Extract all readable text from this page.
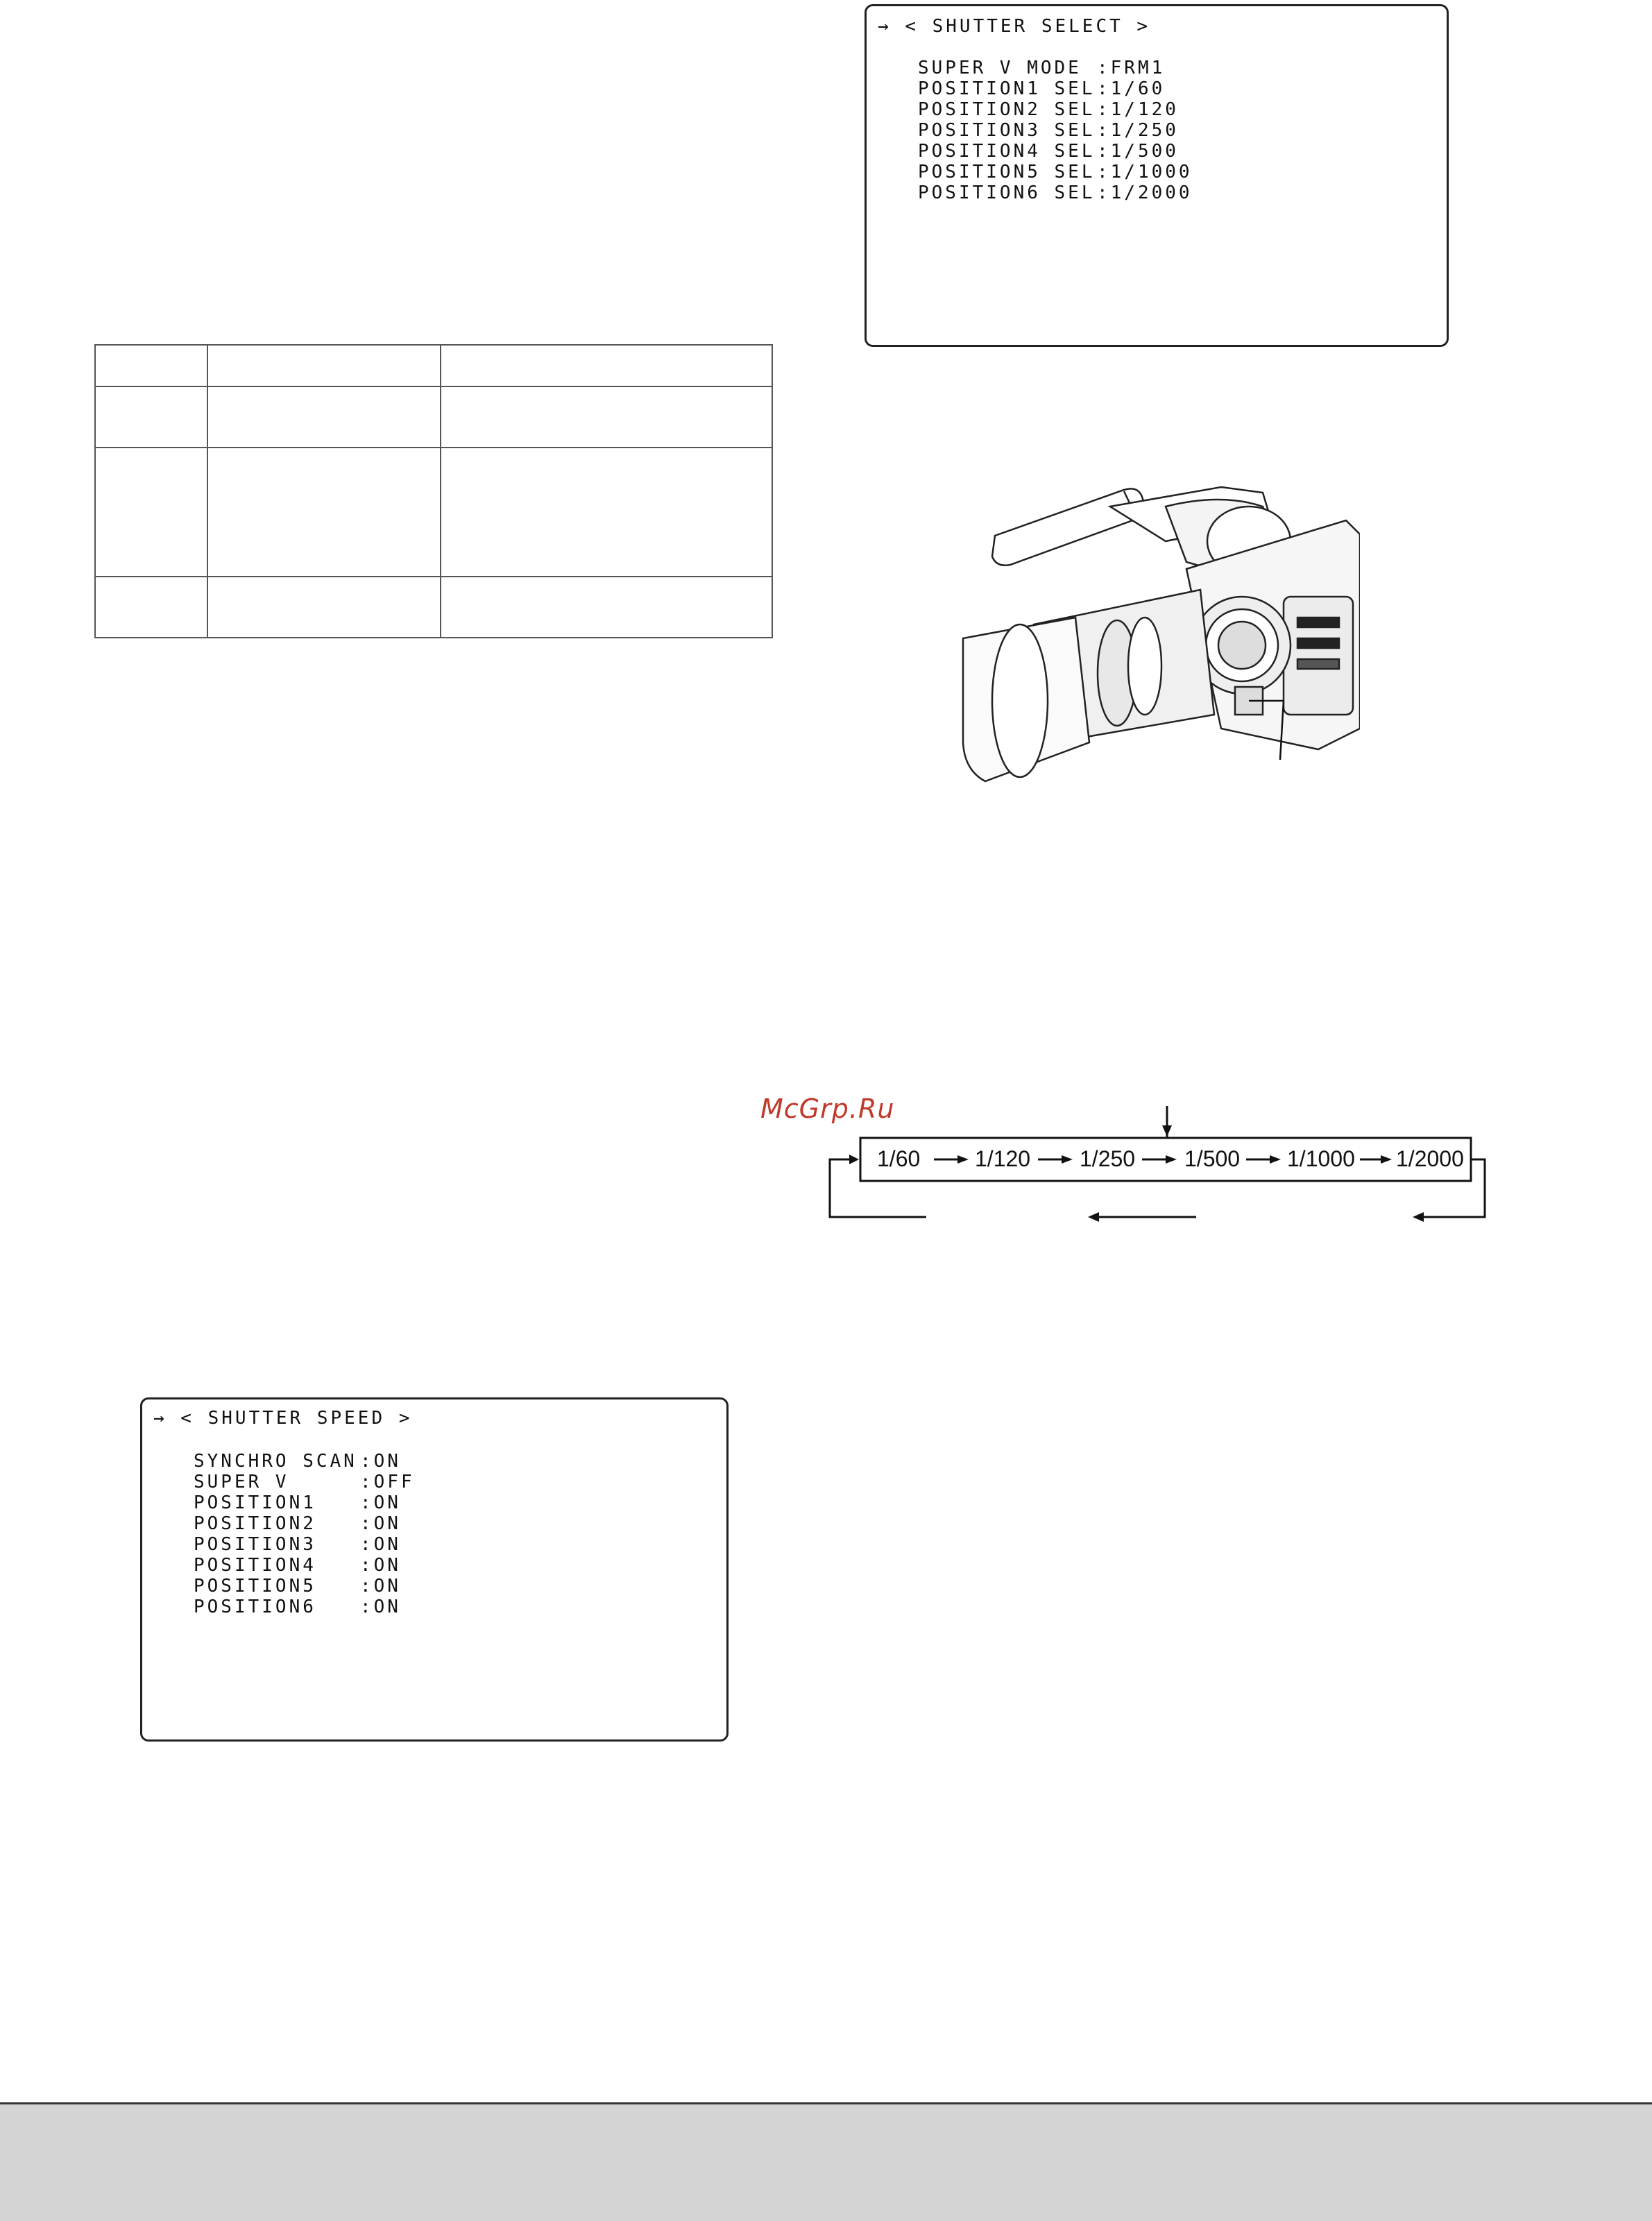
→ < SHUTTER SELECT >
SUPER V MODE :FRM1
POSITION1 SEL :1/60
POSITION2 SEL :1/120
POSITION3 SEL :1/250
POSITION4 SEL :1/500
POSITION5 SEL :1/1000
POSITION6 SEL :1/2000
McGrp.Ru
1/60 1/120 1/250 1/500 1/1000 1/2000
→ < SHUTTER SPEED >
SYNCHRO SCAN :ON
SUPER V	:OFF
POSITION1 :ON
POSITION2 :ON
POSITION3 :ON
POSITION4 :ON
POSITION5 :ON
POSITION6 :ON
